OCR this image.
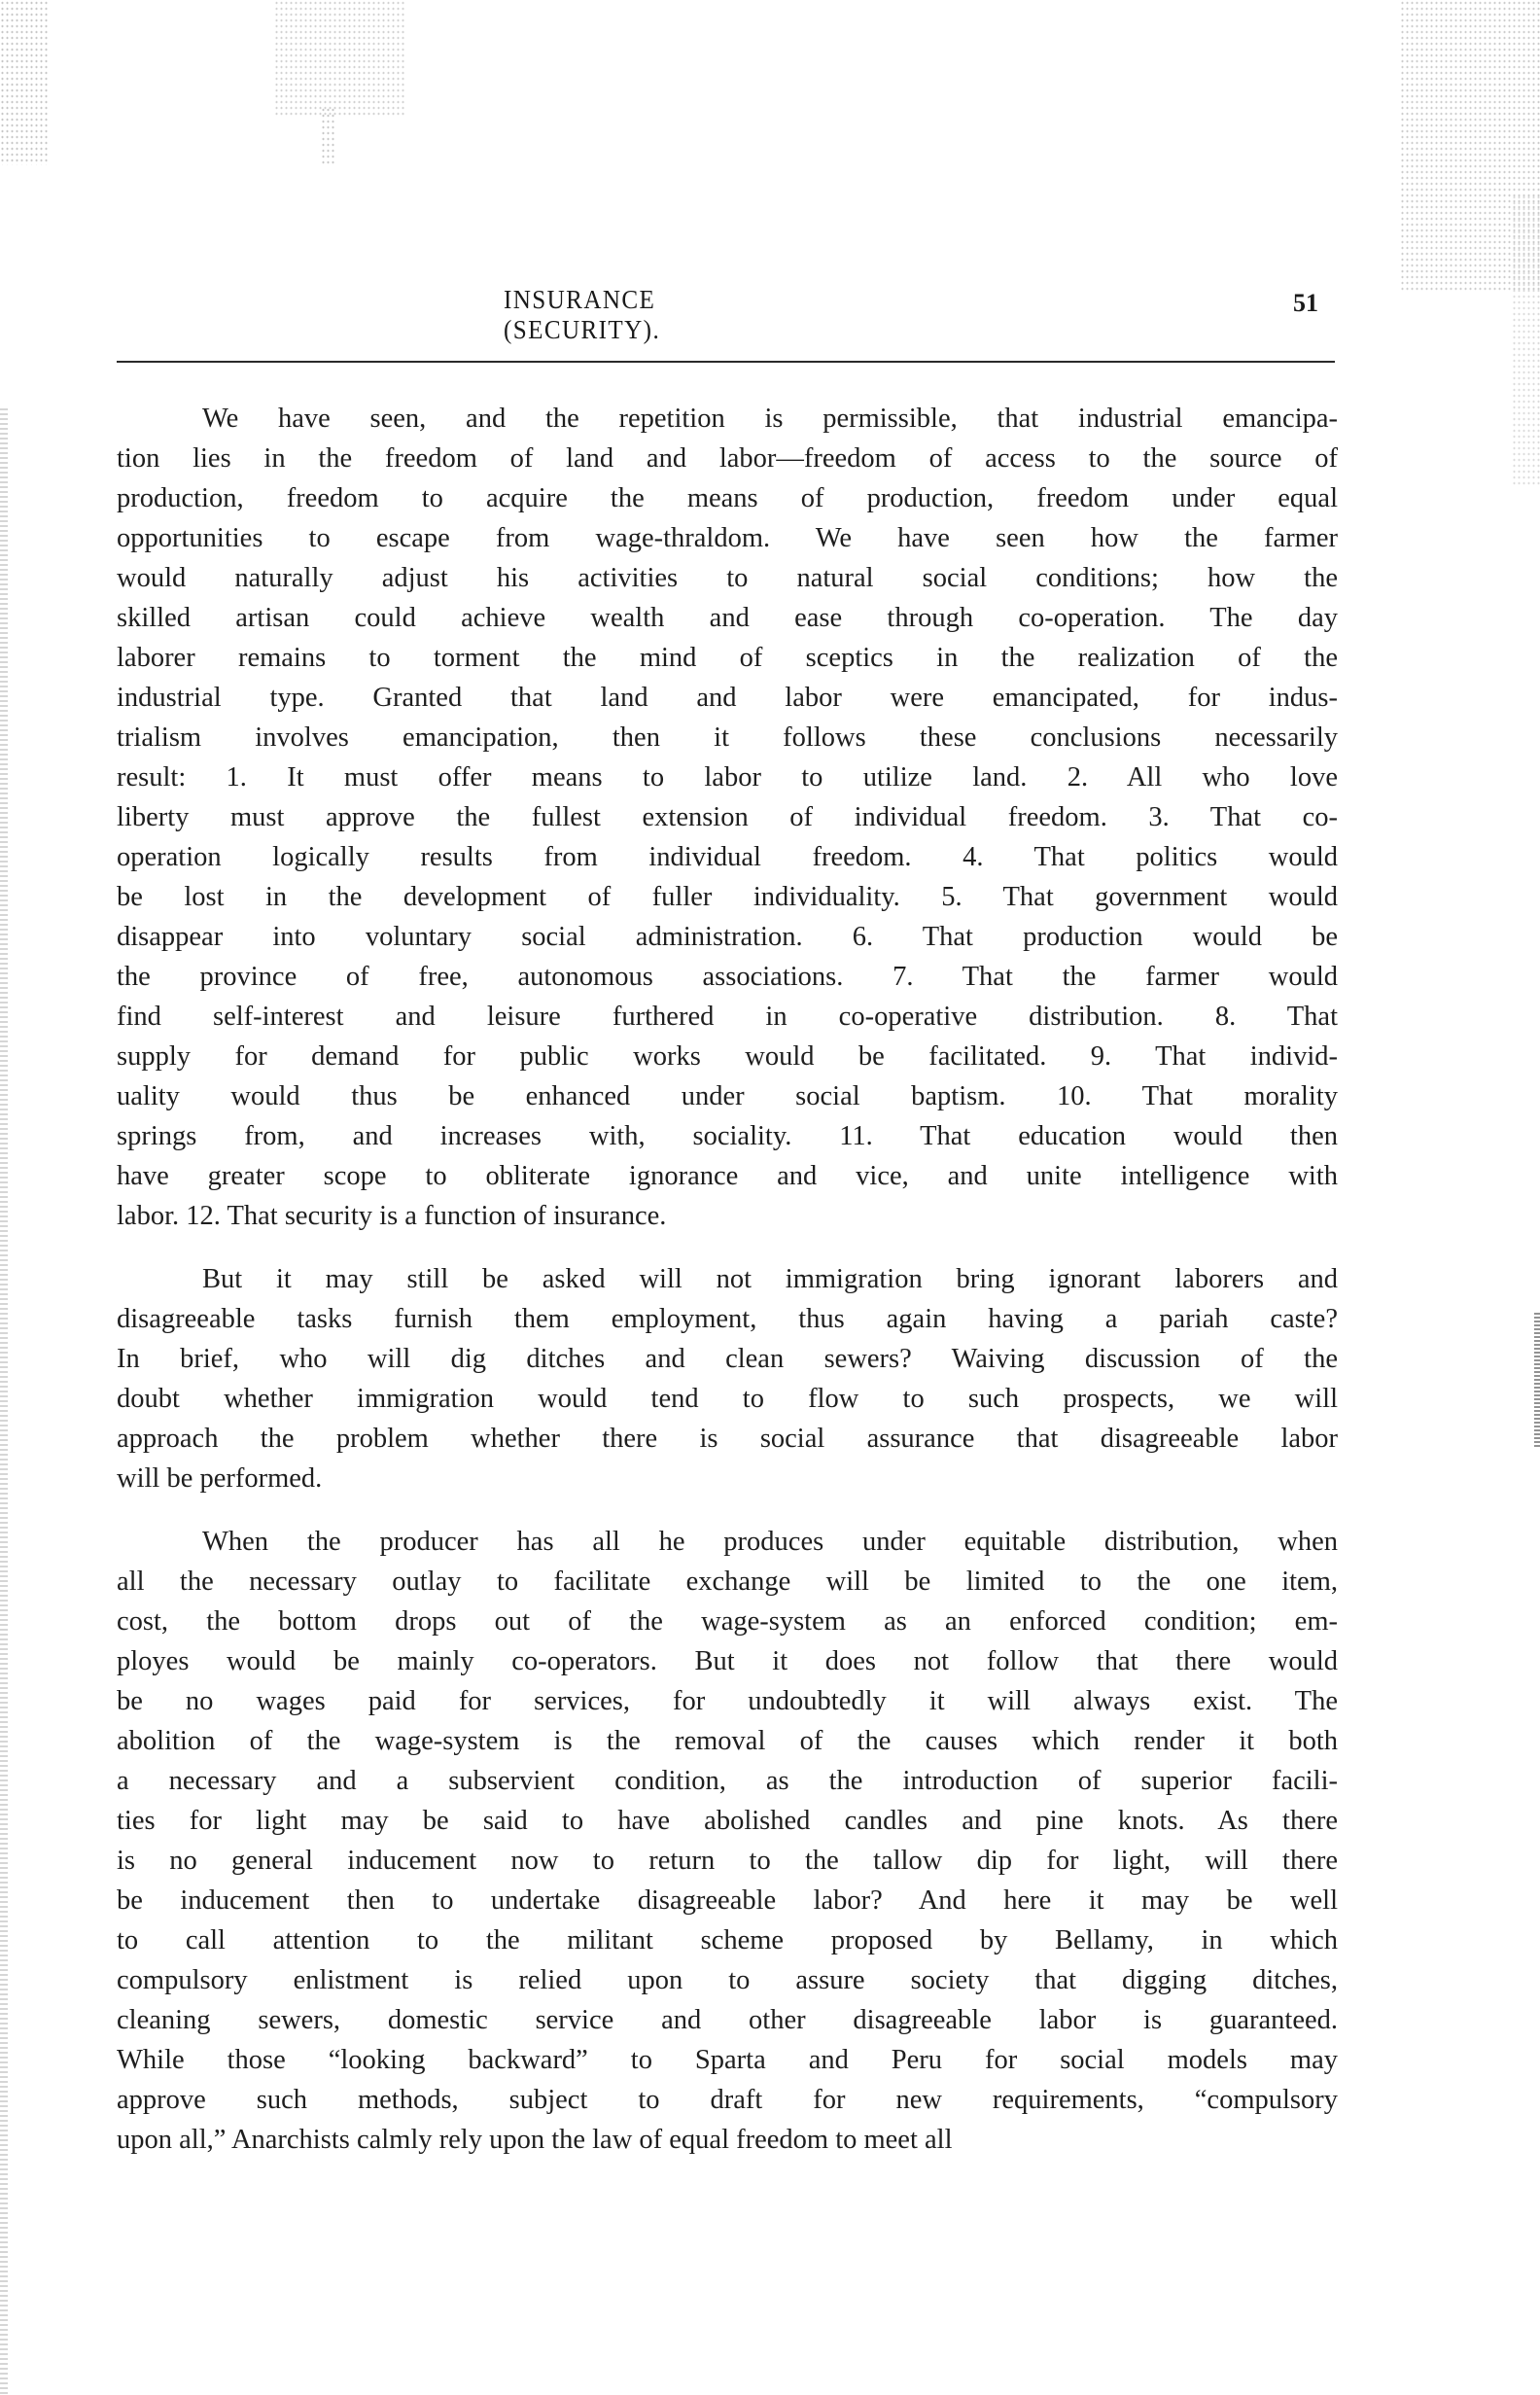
INSURANCE (SECURITY).
51
We have seen, and the repetition is permissible, that industrial emancipa-
tion lies in the freedom of land and labor—freedom of access to the source of
production, freedom to acquire the means of production, freedom under equal
opportunities to escape from wage-thraldom. We have seen how the farmer
would naturally adjust his activities to natural social conditions; how the
skilled artisan could achieve wealth and ease through co-operation. The day
laborer remains to torment the mind of sceptics in the realization of the
industrial type. Granted that land and labor were emancipated, for indus-
trialism involves emancipation, then it follows these conclusions necessarily
result: 1. It must offer means to labor to utilize land. 2. All who love
liberty must approve the fullest extension of individual freedom. 3. That co-
operation logically results from individual freedom. 4. That politics would
be lost in the development of fuller individuality. 5. That government would
disappear into voluntary social administration. 6. That production would be
the province of free, autonomous associations. 7. That the farmer would
find self-interest and leisure furthered in co-operative distribution. 8. That
supply for demand for public works would be facilitated. 9. That individ-
uality would thus be enhanced under social baptism. 10. That morality
springs from, and increases with, sociality. 11. That education would then
have greater scope to obliterate ignorance and vice, and unite intelligence with
labor. 12. That security is a function of insurance.
But it may still be asked will not immigration bring ignorant laborers and
disagreeable tasks furnish them employment, thus again having a pariah caste?
In brief, who will dig ditches and clean sewers? Waiving discussion of the
doubt whether immigration would tend to flow to such prospects, we will
approach the problem whether there is social assurance that disagreeable labor
will be performed.
When the producer has all he produces under equitable distribution, when
all the necessary outlay to facilitate exchange will be limited to the one item,
cost, the bottom drops out of the wage-system as an enforced condition; em-
ployes would be mainly co-operators. But it does not follow that there would
be no wages paid for services, for undoubtedly it will always exist. The
abolition of the wage-system is the removal of the causes which render it both
a necessary and a subservient condition, as the introduction of superior facili-
ties for light may be said to have abolished candles and pine knots. As there
is no general inducement now to return to the tallow dip for light, will there
be inducement then to undertake disagreeable labor? And here it may be well
to call attention to the militant scheme proposed by Bellamy, in which
compulsory enlistment is relied upon to assure society that digging ditches,
cleaning sewers, domestic service and other disagreeable labor is guaranteed.
While those “looking backward” to Sparta and Peru for social models may
approve such methods, subject to draft for new requirements, “compulsory
upon all,” Anarchists calmly rely upon the law of equal freedom to meet all
